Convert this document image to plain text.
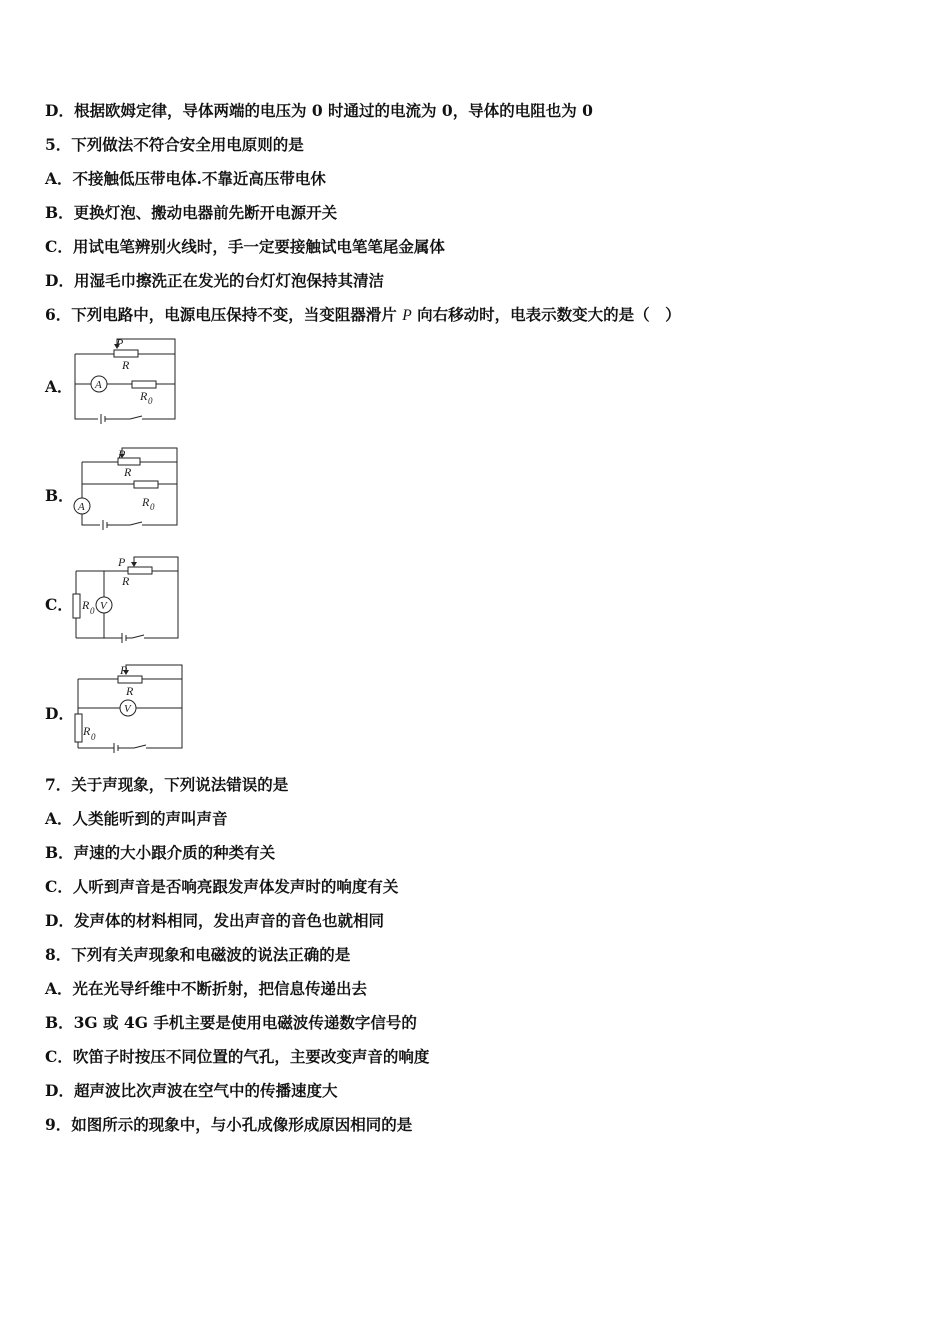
D．根据欧姆定律，导体两端的电压为 0 时通过的电流为 0，导体的电阻也为 0
5．下列做法不符合安全用电原则的是
A．不接触低压带电体.不靠近高压带电休
B．更换灯泡、搬动电器前先断开电源开关
C．用试电笔辨别火线时，手一定要接触试电笔笔尾金属体
D．用湿毛巾擦洗正在发光的台灯灯泡保持其清洁
6．下列电路中，电源电压保持不变，当变阻器滑片 P 向右移动时，电表示数变大的是（　）
A．
P
R
R 0
A
B．
P
R
R 0
A
C．
P
R
R 0 V
D．
P
R
R 0
V
7．关于声现象，下列说法错误的是
A．人类能听到的声叫声音
B．声速的大小跟介质的种类有关
C．人听到声音是否响亮跟发声体发声时的响度有关
D．发声体的材料相同，发出声音的音色也就相同
8．下列有关声现象和电磁波的说法正确的是
A．光在光导纤维中不断折射，把信息传递出去
B．3G 或 4G 手机主要是使用电磁波传递数字信号的
C．吹笛子时按压不同位置的气孔，主要改变声音的响度
D．超声波比次声波在空气中的传播速度大
9．如图所示的现象中，与小孔成像形成原因相同的是
